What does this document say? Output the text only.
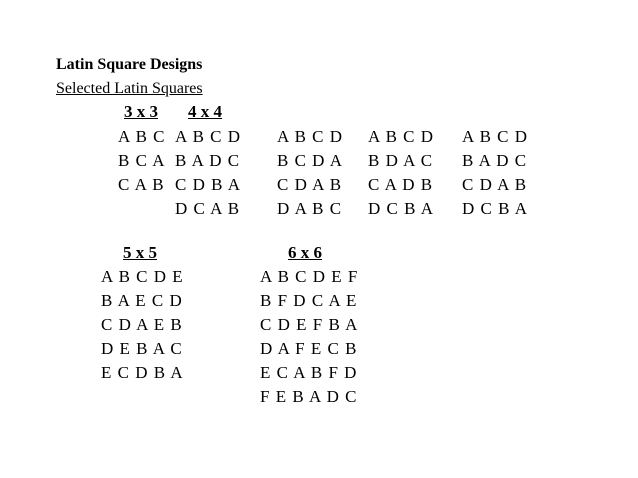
Latin Square Designs
Selected Latin Squares
3 x 3
A B C
B C A
C A B
4 x 4
A B C D
B A D C
C D B A
D C A B
A B C D
B C D A
C D A B
D A B C
A B C D
B D A C
C A D B
D C B A
A B C D
B A D C
C D A B
D C B A
5 x 5
A B C D E
B A E C D
C D A E B
D E B A C
E C D B A
6 x 6
A B C D E F
B F D C A E
C D E F B A
D A F E C B
E C A B F D
F E B A D C
